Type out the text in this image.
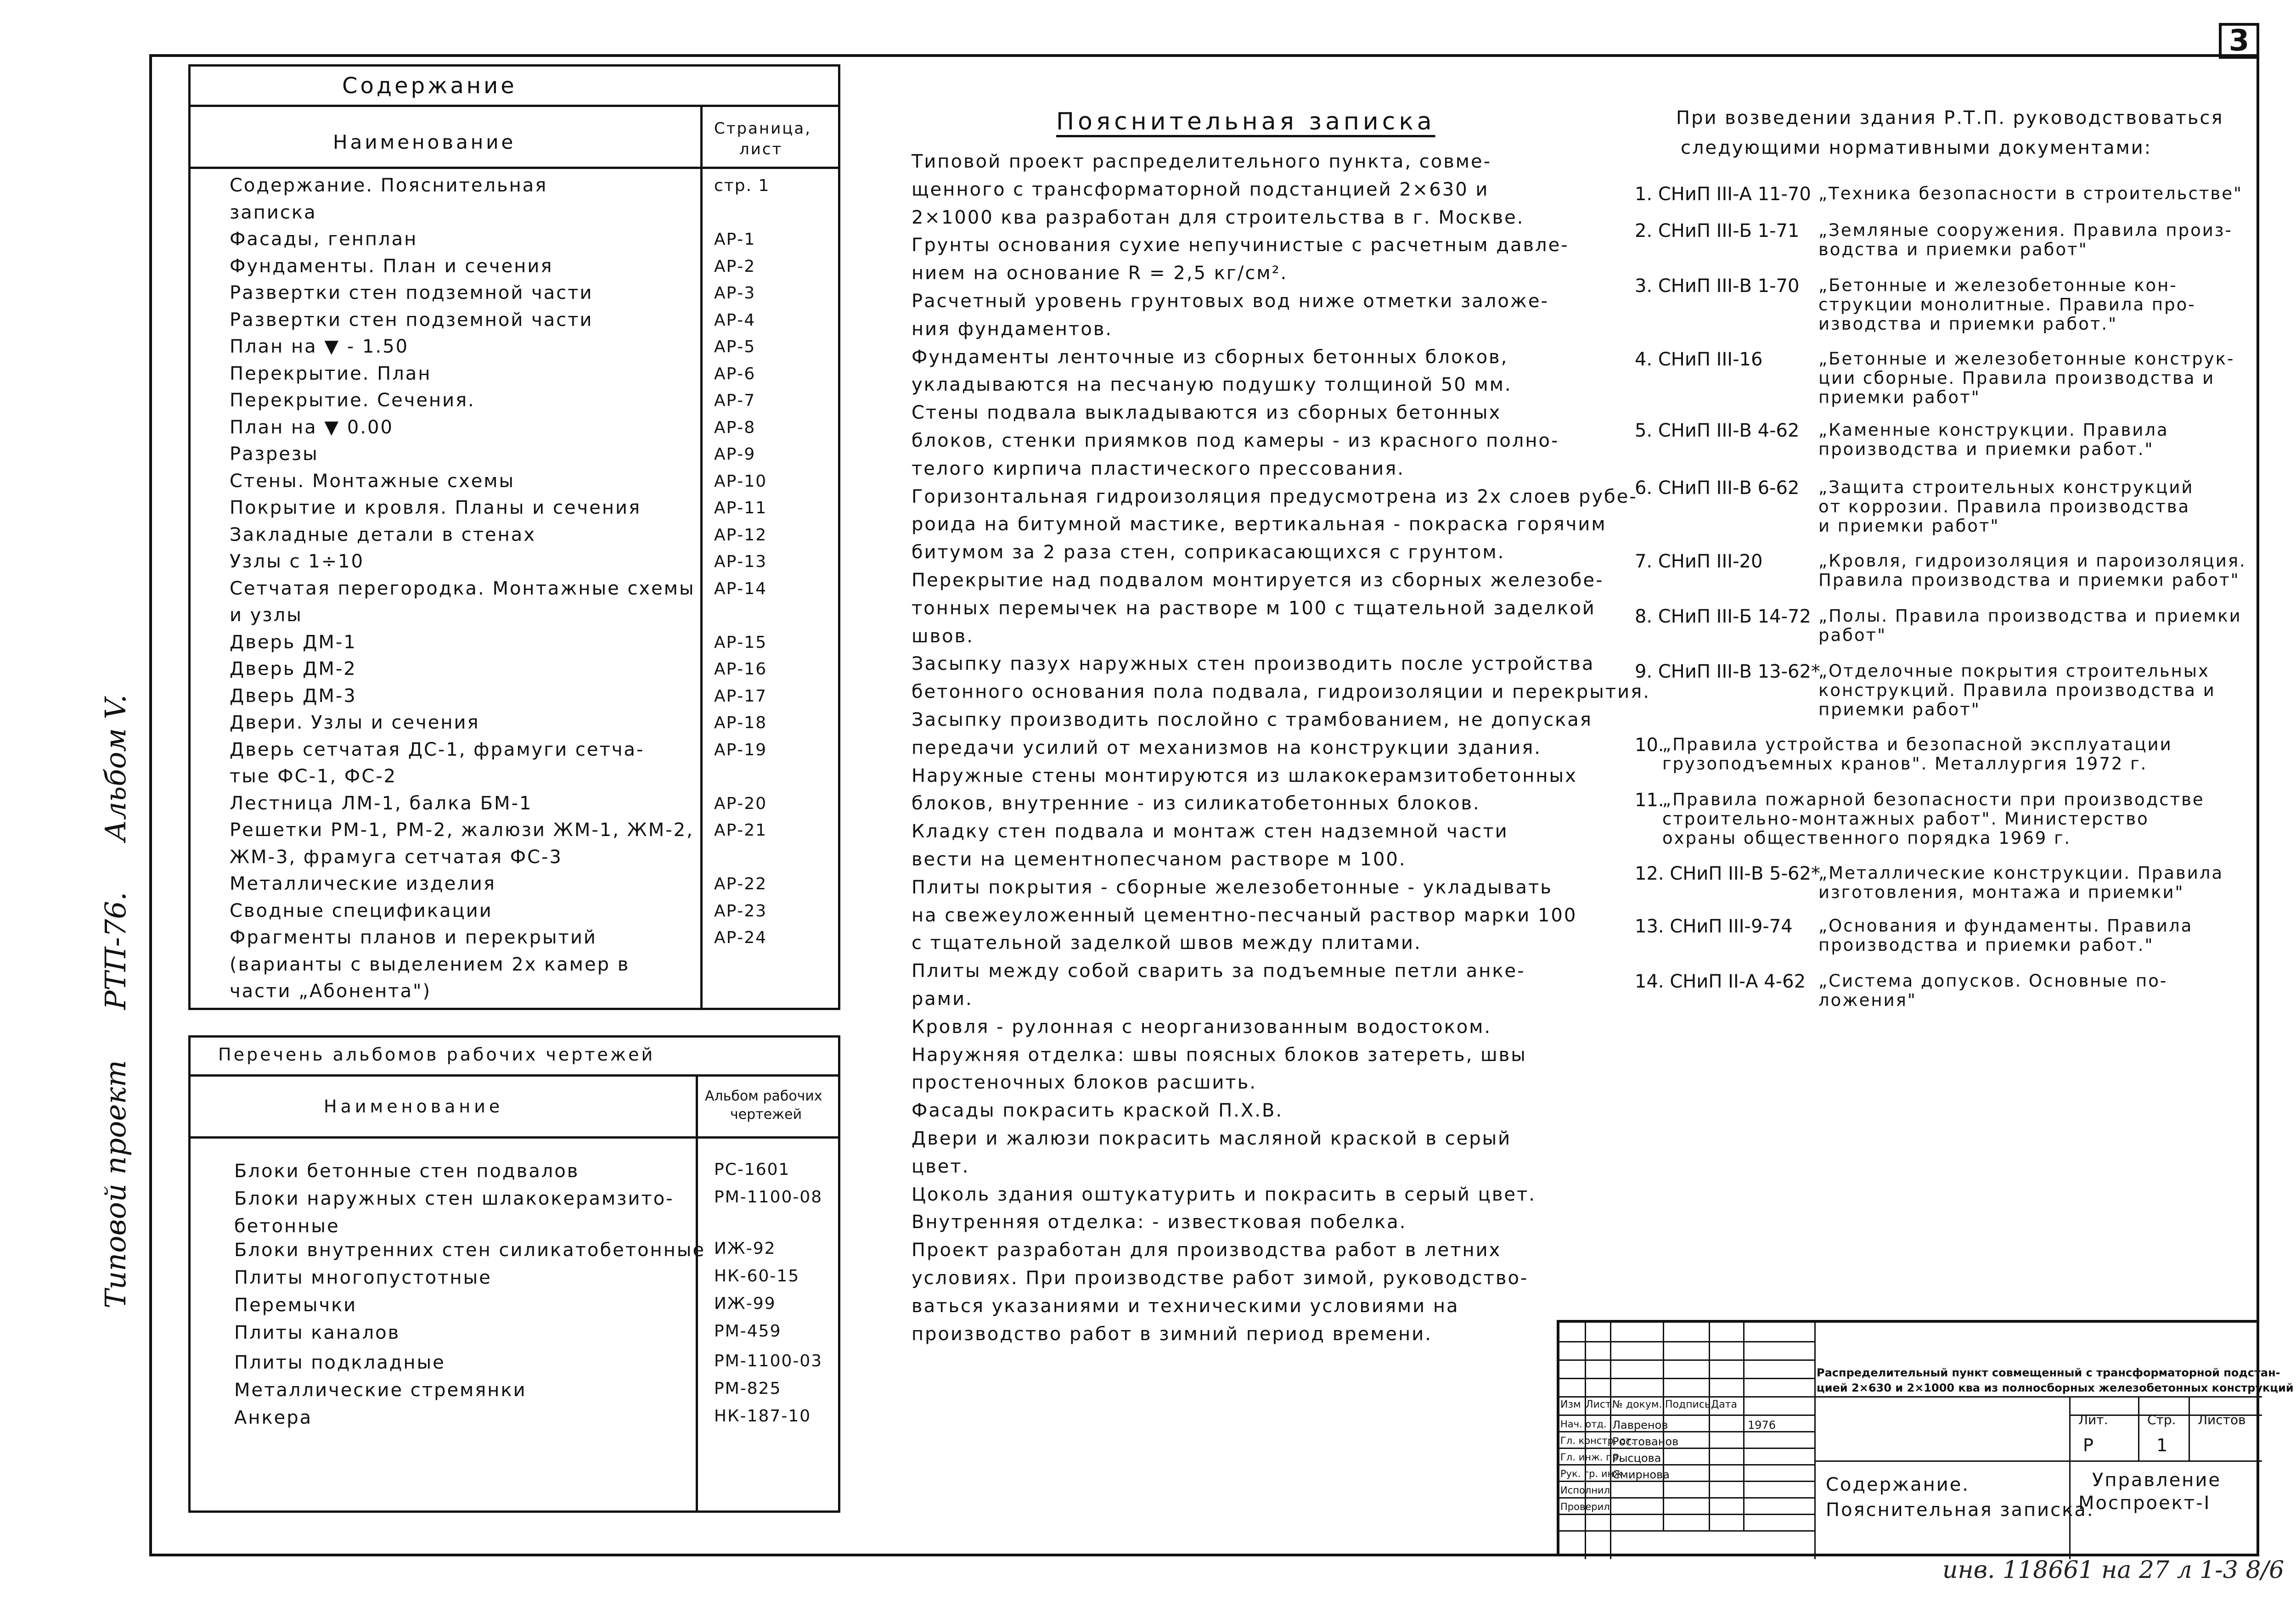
3
Типовой проект РТП-76. Альбом V.
Содержание
Наименование
Страница,
лист
Содержание. Пояснительная	стр. 1
записка
Фасады, генплан	АР-1
Фундаменты. План и сечения	АР-2
Развертки стен подземной части	АР-3
Развертки стен подземной части	АР-4
План на ▼ - 1.50	АР-5
Перекрытие. План	АР-6
Перекрытие. Сечения.	АР-7
План на ▼ 0.00	АР-8
Разрезы	АР-9
Стены. Монтажные схемы	АР-10
Покрытие и кровля. Планы и сечения	АР-11
Закладные детали в стенах	АР-12
Узлы с 1÷10	АР-13
Сетчатая перегородка. Монтажные схемы АР-14
и узлы
Дверь ДМ-1	АР-15
Дверь ДМ-2	АР-16
Дверь ДМ-3	АР-17
Двери. Узлы и сечения	АР-18
Дверь сетчатая ДС-1, фрамуги сетча-	АР-19
тые ФС-1, ФС-2
Лестница ЛМ-1, балка БМ-1	АР-20
Решетки РМ-1, РМ-2, жалюзи ЖМ-1, ЖМ-2, АР-21
ЖМ-3, фрамуга сетчатая ФС-3
Металлические изделия	АР-22
Сводные спецификации	АР-23
Фрагменты планов и перекрытий	АР-24
(варианты с выделением 2х камер в
части „Абонента")
Перечень альбомов рабочих чертежей
Наименование
Альбом рабочих
чертежей
Блоки бетонные стен подвалов	РС-1601
Блоки наружных стен шлакокерамзито- РМ-1100-08
бетонные
Блоки внутренних стен силикатобетонные ИЖ-92
Плиты многопустотные	НК-60-15
Перемычки	ИЖ-99
Плиты каналов	РМ-459
Плиты подкладные	РМ-1100-03
Металлические стремянки	РМ-825
Анкера	НК-187-10
Пояснительная записка
Типовой проект распределительного пункта, совме-
щенного с трансформаторной подстанцией 2×630 и
2×1000 ква разработан для строительства в г. Москве.
Грунты основания сухие непучинистые с расчетным давле-
нием на основание R = 2,5 кг/см².
Расчетный уровень грунтовых вод ниже отметки заложе-
ния фундаментов.
Фундаменты ленточные из сборных бетонных блоков,
укладываются на песчаную подушку толщиной 50 мм.
Стены подвала выкладываются из сборных бетонных
блоков, стенки приямков под камеры - из красного полно-
телого кирпича пластического прессования.
Горизонтальная гидроизоляция предусмотрена из 2х слоев рубе-
роида на битумной мастике, вертикальная - покраска горячим
битумом за 2 раза стен, соприкасающихся с грунтом.
Перекрытие над подвалом монтируется из сборных железобе-
тонных перемычек на растворе м 100 с тщательной заделкой
швов.
Засыпку пазух наружных стен производить после устройства
бетонного основания пола подвала, гидроизоляции и перекрытия.
Засыпку производить послойно с трамбованием, не допуская
передачи усилий от механизмов на конструкции здания.
Наружные стены монтируются из шлакокерамзитобетонных
блоков, внутренние - из силикатобетонных блоков.
Кладку стен подвала и монтаж стен надземной части
вести на цементнопесчаном растворе м 100.
Плиты покрытия - сборные железобетонные - укладывать
на свежеуложенный цементно-песчаный раствор марки 100
с тщательной заделкой швов между плитами.
Плиты между собой сварить за подъемные петли анке-
рами.
Кровля - рулонная с неорганизованным водостоком.
Наружняя отделка: швы поясных блоков затереть, швы
простеночных блоков расшить.
Фасады покрасить краской П.Х.В.
Двери и жалюзи покрасить масляной краской в серый
цвет.
Цоколь здания оштукатурить и покрасить в серый цвет.
Внутренняя отделка: - известковая побелка.
Проект разработан для производства работ в летних
условиях. При производстве работ зимой, руководство-
ваться указаниями и техническими условиями на
производство работ в зимний период времени.
При возведении здания Р.Т.П. руководствоваться
следующими нормативными документами:
1. СНиП III-А 11-70 „Техника безопасности в строительстве"
2. СНиП III-Б 1-71 „Земляные сооружения. Правила произ-
водства и приемки работ"
3. СНиП III-В 1-70 „Бетонные и железобетонные кон-
струкции монолитные. Правила про-
изводства и приемки работ."
4. СНиП III-16	„Бетонные и железобетонные конструк-
ции сборные. Правила производства и
приемки работ"
5. СНиП III-В 4-62 „Каменные конструкции. Правила
производства и приемки работ."
6. СНиП III-В 6-62 „Защита строительных конструкций
от коррозии. Правила производства
и приемки работ"
7. СНиП III-20	„Кровля, гидроизоляция и пароизоляция.
Правила производства и приемки работ"
8. СНиП III-Б 14-72 „Полы. Правила производства и приемки
работ"
9. СНиП III-В 13-62*
„Отделочные покрытия строительных
конструкций. Правила производства и
приемки работ"
10.
„Правила устройства и безопасной эксплуатации
грузоподъемных кранов". Металлургия 1972 г.
11.
„Правила пожарной безопасности при производстве
строительно-монтажных работ". Министерство
охраны общественного порядка 1969 г.
12. СНиП III-В 5-62*
„Металлические конструкции. Правила
изготовления, монтажа и приемки"
13. СНиП III-9-74 „Основания и фундаменты. Правила
производства и приемки работ."
14. СНиП II-А 4-62 „Система допусков. Основные по-
ложения"
Изм Лист № докум. Подпись Дата
Нач. отд. Лавренов	1976
Гл. констр. от.
Ростованов
Гл. инж. пр.
Рысцова
Рук. гр. инж.
Смирнова
Исполнил
Проверил
Распределительный пункт совмещенный с трансформаторной подстан-
цией 2×630 и 2×1000 ква из полносборных железобетонных конструкций
Лит.	Стр. Листов
Р	1
Содержание.
Пояснительная записка.
Управление
Моспроект-I
инв. 118661 на 27 л 1-3 8/6
